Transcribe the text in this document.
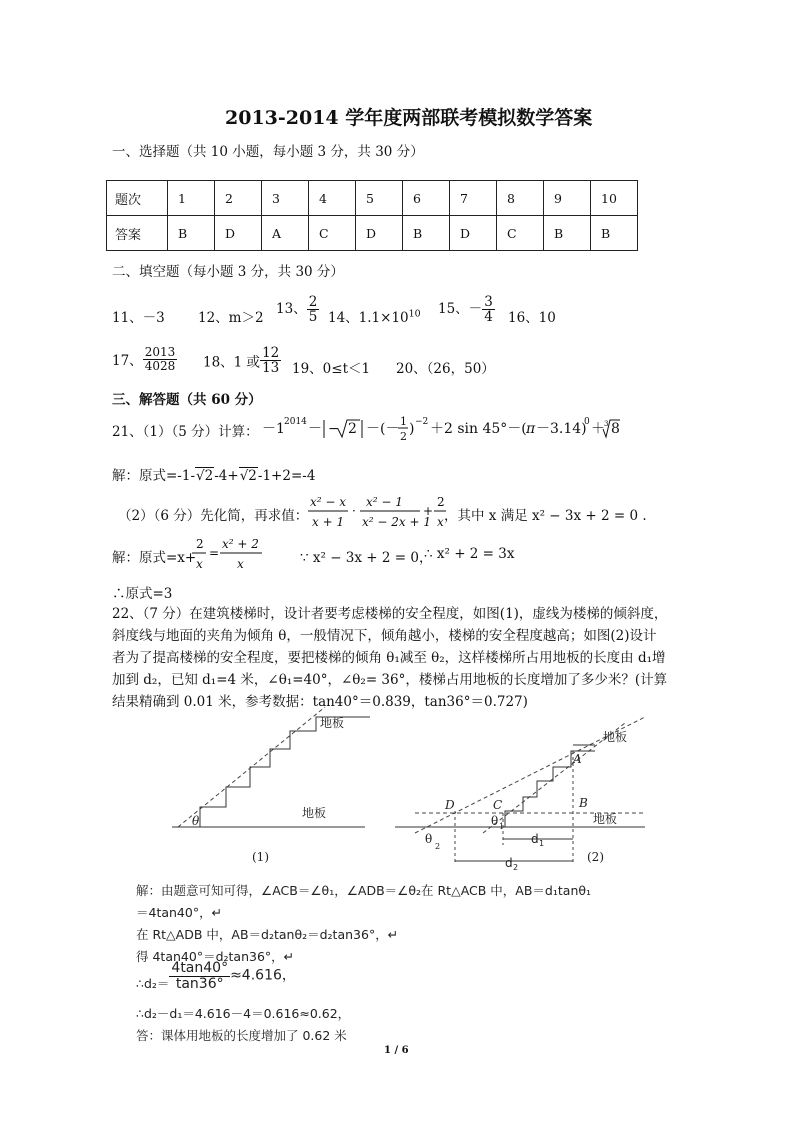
2013-2014 学年度两部联考模拟数学答案
一、选择题（共 10 小题，每小题 3 分，共 30 分）
题次	1	2	3	4	5	6	7	8	9	10
答案	B	D	A	C	D	B	D	C	B	B
二、填空题（每小题 3 分，共 30 分）
11、－3 12、m＞2
13、 $\frac{2}{5} 14$、$1.1\times 10^{10}$ 15、－ $\frac{3}{4} 16$、10
17、 $\frac{2013}{4028} 18$、1 或 $\frac{12}{13} 19$、0≤t＜1 20、（26，50）
三、解答题（共 60 分）
21、（1）（5 分）计算： －1 2014 － − 2 －(－ 1
2 ) −2 ＋2 sin 45°－( π －3.14)
0 ＋ 3 8
解：原式=-1-√2-4+√2-1+2=-4
（2）（6 分）先化简，再求值：
x² − x
x + 1
·
x² − 1
x² − 2x + 1
+
2
x ，其中 x 满足 x² − 3x + 2 = 0 .
解：原式=x+
2
x
=
x² + 2
x	∵ x² − 3x + 2 = 0，
∴ x² + 2 = 3x
∴原式=3
22、（7 分）在建筑楼梯时，设计者要考虑楼梯的安全程度，如图(1)，虚线为楼梯的倾斜度，
斜度线与地面的夹角为倾角 θ，一般情况下，倾角越小，楼梯的安全程度越高；如图(2)设计
者为了提高楼梯的安全程度，要把楼梯的倾角 θ₁减至 θ₂，这样楼梯所占用地板的长度由 d₁增
加到 d₂，已知 d₁=4 米，∠θ₁=40°，∠θ₂= 36°，楼梯占用地板的长度增加了多少米？(计算
结果精确到 0.01 米，参考数据：tan40°＝0.839，tan36°＝0.727)
地板
地板
θ
(1)
地板
地板
D	C	B
A
θ
2
θ 1
d 1
d 2
(2)
解：由题意可知可得，∠ACB＝∠θ₁，∠ADB＝∠θ₂在 Rt△ACB 中，AB＝d₁tanθ₁
＝4tan40°，↵
在 Rt△ADB 中，AB＝d₂tanθ₂＝d₂tan36°，↵
得 4tan40°＝d₂tan36°，↵
∴d₂＝ $\frac{4\tan 40^\circ}{\tan 36^\circ} \approx 4.616$，
∴d₂－d₁＝4.616－4＝0.616≈0.62，
答：课体用地板的长度增加了 0.62 米
1 / 6
